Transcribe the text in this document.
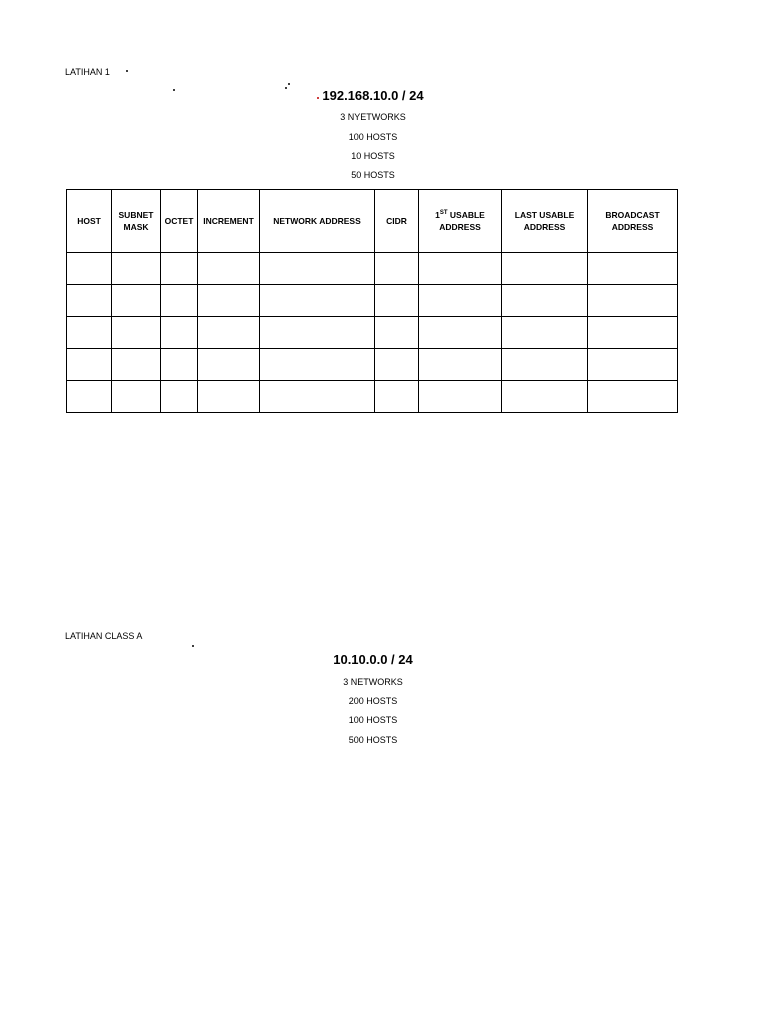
LATIHAN 1
192.168.10.0 / 24
3 NYETWORKS
100 HOSTS
10 HOSTS
50 HOSTS
HOST	SUBNET MASK	OCTET	INCREMENT	NETWORK ADDRESS	CIDR	1ST USABLE ADDRESS	LAST USABLE ADDRESS	BROADCAST ADDRESS

LATIHAN CLASS A
10.10.0.0 / 24
3 NETWORKS
200 HOSTS
100 HOSTS
500 HOSTS
